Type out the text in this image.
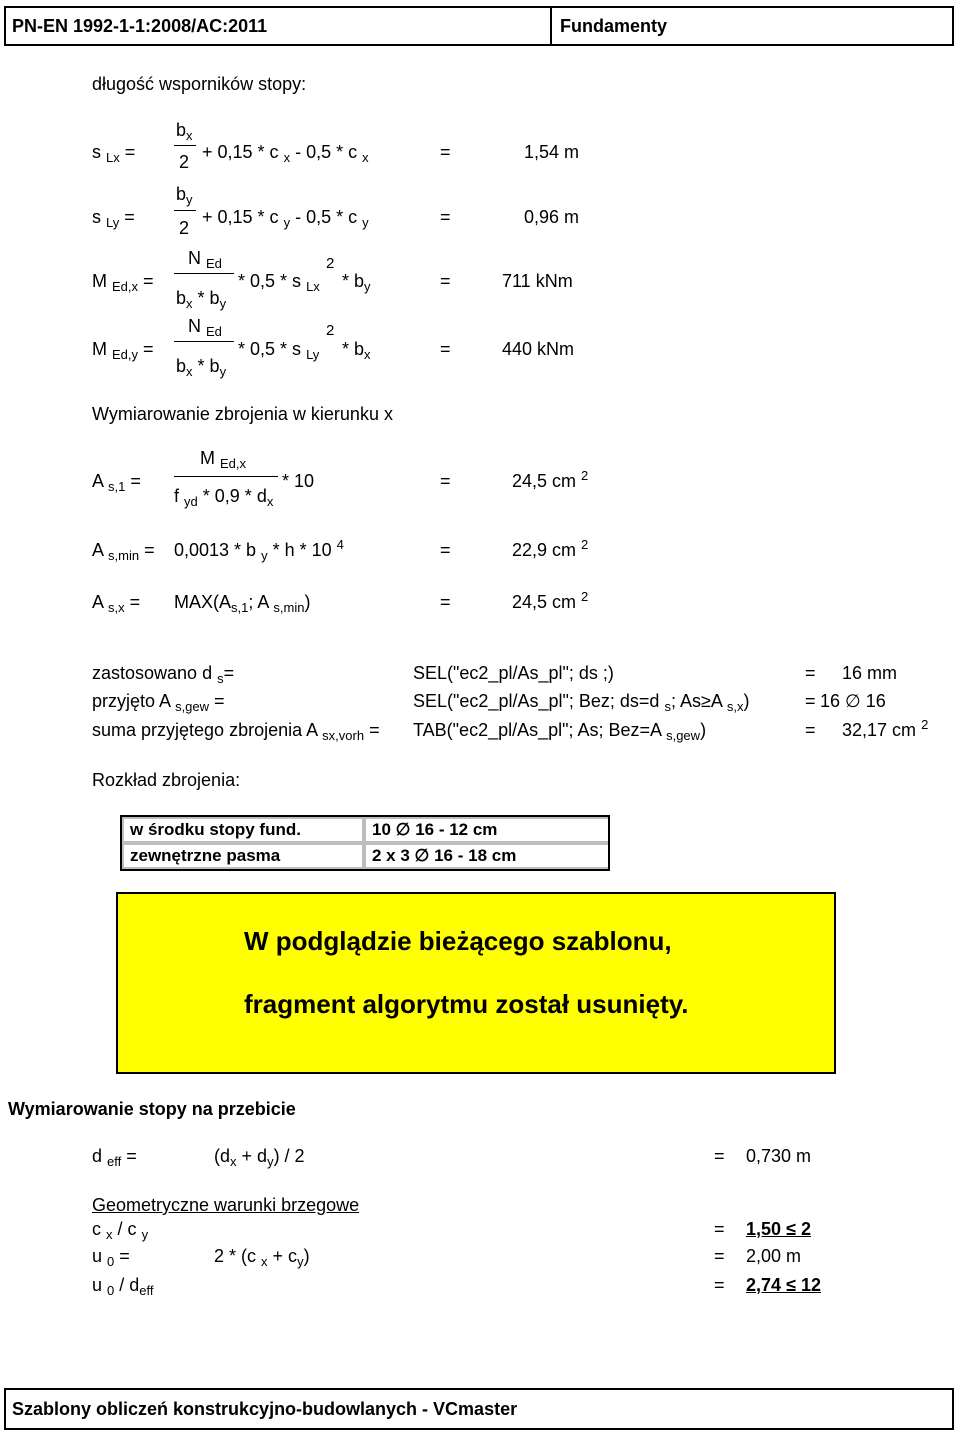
PN-EN 1992-1-1:2008/AC:2011	Fundamenty
długość wsporników stopy:
s $_{Lx}$ =
$b_x$
2 + 0,15 * c $_x$ - 0,5 * c $_x$	=	1,54 m
s $_{Ly}$ =
$b_y$
2
+ 0,15 * c $_y$ - 0,5 * c $_y$	=	0,96 m
M $_{Ed,x}$ =
N $_{Ed}$
$b_x * b_y$
* 0,5 * s $_{Lx}$
2
* $b_y$	=	711 kNm
M $_{Ed,y}$ =
N $_{Ed}$
$b_x * b_y$
* 0,5 * s $_{Ly}$
2
* $b_x$	=	440 kNm
Wymiarowanie zbrojenia w kierunku x
A $_{s,1}$ =
M $_{Ed,x}$
f $_{yd} * 0,9 * d_x$
* 10	=	24,5 cm $^2$
A $_{s,min}$ = 0,0013 * b $_y$ * h * 10 $^4$	=	22,9 cm $^2$
A $_{s,x} = MAX(A_{s,1}$; A $_{s,min}$)	=	24,5 cm $^2$
zastosowano d $_s$=	SEL("ec2_pl/As_pl"; ds ;)	= 16 mm
przyjęto A $_{s,gew}$ =	SEL("ec2_pl/As_pl"; Bez; ds=d $_s$; As≥A $_{s,x}$)	= 16 ∅ 16
suma przyjętego zbrojenia A $_{sx,vorh}$ = TAB("ec2_pl/As_pl"; As; Bez=A $_{s,gew}$)	= 32,17 cm $^2$
Rozkład zbrojenia:
w środku stopy fund.	10 ∅ 16 - 12 cm
zewnętrzne pasma	2 x 3 ∅ 16 - 18 cm
W podglądzie bieżącego szablonu,
fragment algorytmu został usunięty.
Wymiarowanie stopy na przebicie
d $_{eff}$ =	$(d_x + d_y) / 2$	= 0,730 m
Geometryczne warunki brzegowe
c $_x$ / c $_y$	= 1,50 ≤ 2
u $_0$ =	2 * (c $_x + c_y$)	= 2,00 m
u $_0 / d_{eff}$	= 2,74 ≤ 12
Szablony obliczeń konstrukcyjno-budowlanych - VCmaster
